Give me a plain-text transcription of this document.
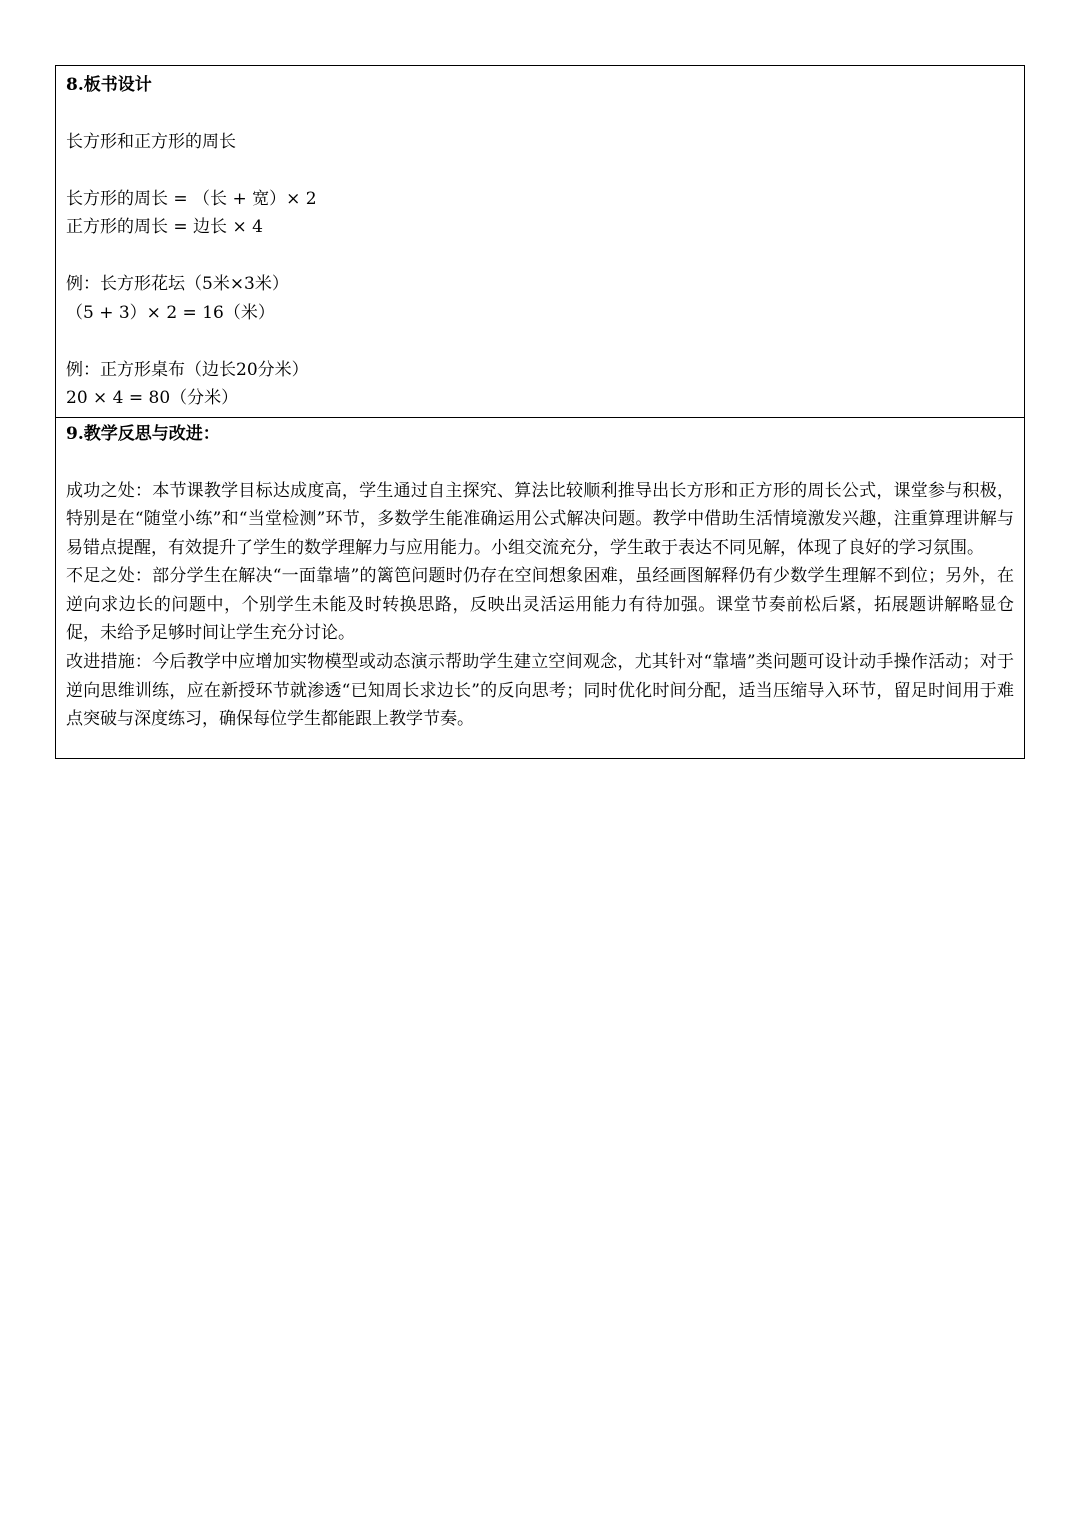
8.板书设计
长方形和正方形的周长
长方形的周长 = （长 + 宽）× 2
正方形的周长 = 边长 × 4
例：长方形花坛（5米×3米）
（5 + 3）× 2 = 16（米）
例：正方形桌布（边长20分米）
20 × 4 = 80（分米）
9.教学反思与改进：

成功之处：本节课教学目标达成度高，学生通过自主探究、算法比较顺利推导出长方形和正方形的周长公式，课堂参与积极，特别是在“随堂小练”和“当堂检测”环节，多数学生能准确运用公式解决问题。教学中借助生活情境激发兴趣，注重算理讲解与易错点提醒，有效提升了学生的数学理解力与应用能力。小组交流充分，学生敢于表达不同见解，体现了良好的学习氛围。

不足之处：部分学生在解决“一面靠墙”的篱笆问题时仍存在空间想象困难，虽经画图解释仍有少数学生理解不到位；另外，在逆向求边长的问题中，个别学生未能及时转换思路，反映出灵活运用能力有待加强。课堂节奏前松后紧，拓展题讲解略显仓促，未给予足够时间让学生充分讨论。

改进措施：今后教学中应增加实物模型或动态演示帮助学生建立空间观念，尤其针对“靠墙”类问题可设计动手操作活动；对于逆向思维训练，应在新授环节就渗透“已知周长求边长”的反向思考；同时优化时间分配，适当压缩导入环节，留足时间用于难点突破与深度练习，确保每位学生都能跟上教学节奏。
